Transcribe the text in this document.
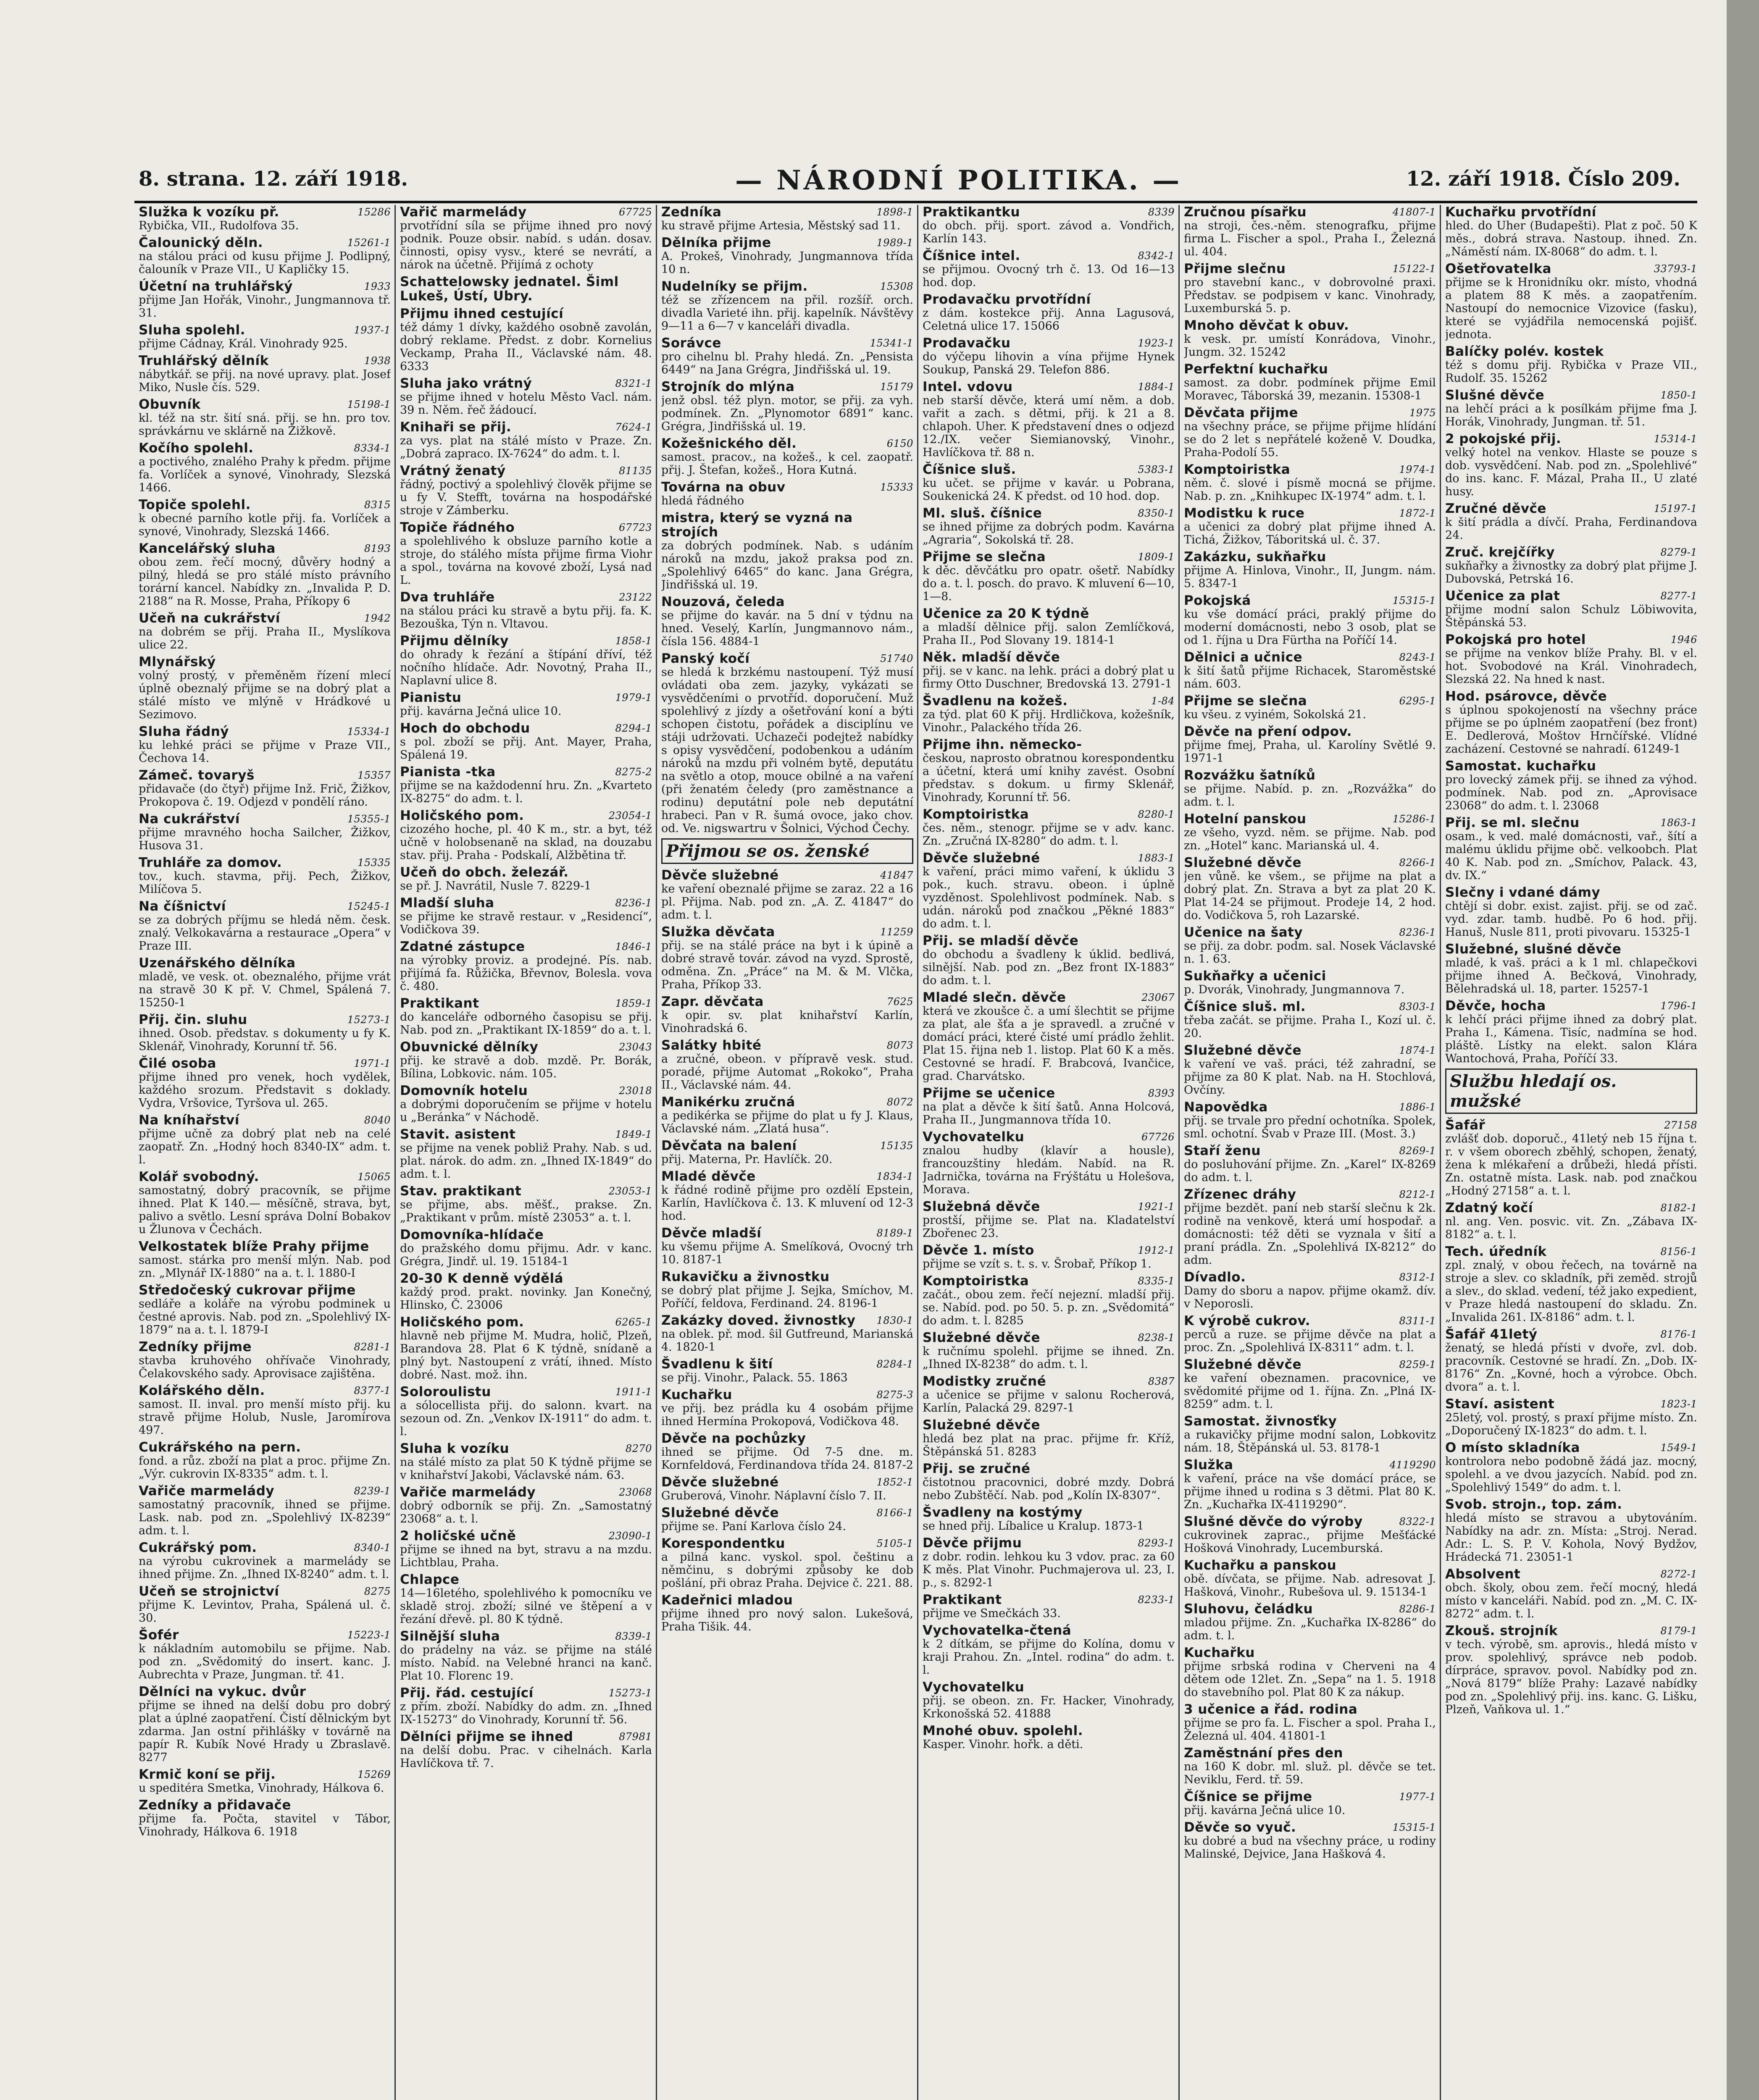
8. strana. 12. září 1918.	— NÁRODNÍ POLITIKA. —	12. září 1918. Číslo 209.
15286
Služka k vozíku př.
Rybička, VII., Rudolfova 35.
15261-1
Čalounický děln.
na stálou práci od kusu přijme J. Podlipný, čalouník v Praze VII., U Kapličky 15.
1933
Účetní na truhlářský
přijme Jan Hořák, Vinohr., Jungmannova tř. 31.
1937-1
Sluha spolehl.
přijme Cádnay, Král. Vinohrady 925.
1938
Truhlářský dělník
nábytkář. se přij. na nové upravy. plat. Josef Miko, Nusle čís. 529.
15198-1
Obuvník
kl. též na str. šití sná. přij. se hn. pro tov. správkárnu ve sklárně na Žižkově.
8334-1
Kočího spolehl.
a poctivého, znalého Prahy k předm. přijme fa. Vorlíček a synové, Vinohrady, Slezská 1466.
8315
Topiče spolehl.
k obecné parního kotle přij. fa. Vorlíček a synové, Vinohrady, Slezská 1466.
8193
Kancelářský sluha
obou zem. řečí mocný, důvěry hodný a pilný, hledá se pro stálé místo právního torární kancel. Nabídky zn. „Invalida P. D. 2188“ na R. Mosse, Praha, Příkopy 6
1942
Učeň na cukrářství
na dobrém se přij. Praha II., Myslíkova ulice 22.
Mlynářský
volný prostý, v přeměněm řízení mlecí úplně obeznalý přijme se na dobrý plat a stálé místo ve mlýně v Hrádkové u Sezimovo.
15334-1
Sluha řádný
ku lehké práci se přijme v Praze VII., Čechova 14.
15357
Zámeč. tovaryš
přidavače (do čtyř) přijme Inž. Frič, Žižkov, Prokopova č. 19. Odjezd v pondělí ráno.
15355-1
Na cukrářství
přijme mravného hocha Sailcher, Žižkov, Husova 31.
15335
Truhláře za domov.
tov., kuch. stavma, přij. Pech, Žižkov, Milíčova 5.
15245-1
Na číšnictví
se za dobrých příjmu se hledá něm. česk. znalý. Velkokavárna a restaurace „Opera“ v Praze III.
Uzenářského dělníka
mladě, ve vesk. ot. obeznalého, přijme vrát na stravě 30 K př. V. Chmel, Spálená 7. 15250-1
15273-1
Přij. čin. sluhu
ihned. Osob. představ. s dokumenty u fy K. Sklenář, Vinohrady, Korunní tř. 56.
1971-1
Čilé osoba
přijme ihned pro venek, hoch vydělek, každého srozum. Představit s doklady. Vydra, Vršovice, Tyršova ul. 265.
8040
Na kníhařství
přijme učně za dobrý plat neb na celé zaopatř. Zn. „Hodný hoch 8340-IX“ adm. t. l.
15065
Kolář svobodný.
samostatný, dobrý pracovník, se přijme ihned. Plat K 140.— měsíčně, strava, byt, palivo a světlo. Lesní správa Dolní Bobakov u Žlunova v Čechách.
Velkostatek blíže Prahy přijme
samost. stárka pro menší mlýn. Nab. pod zn. „Mlynář IX-1880“ na a. t. l. 1880-I
Středočeský cukrovar přijme
sedláře a koláře na výrobu podminek u čestné aprovis. Nab. pod zn. „Spolehlivý IX-1879“ na a. t. l. 1879-I
8281-1
Zedníky přijme
stavba kruhového ohřívače Vinohrady, Čelakovského sady. Aprovisace zajištěna.
8377-1
Kolářského děln.
samost. II. inval. pro menší místo přij. ku stravě přijme Holub, Nusle, Jaromírova 497.
Cukrářského na pern.
fond. a růz. zboží na plat a proc. přijme Zn. „Výr. cukrovin IX-8335“ adm. t. l.
8239-1
Vařiče marmelády
samostatný pracovník, ihned se přijme. Lask. nab. pod zn. „Spolehlivý IX-8239“ adm. t. l.
8340-1
Cukrářský pom.
na výrobu cukrovinek a marmelády se ihned přijme. Zn. „Ihned IX-8240“ adm. t. l.
8275
Učeň se strojnictví
přijme K. Levintov, Praha, Spálená ul. č. 30.
15223-1
Šofér
k nákladním automobilu se přijme. Nab. pod zn. „Svědomitý do insert. kanc. J. Aubrechta v Praze, Jungman. tř. 41.
Dělníci na vykuc. dvůr
přijme se ihned na delší dobu pro dobrý plat a úplné zaopatření. Čistí dělnickým byt zdarma. Jan ostní přihlášky v továrně na papír R. Kubík Nové Hrady u Zbraslavě. 8277
15269
Krmič koní se přij.
u speditéra Smetka, Vinohrady, Hálkova 6.
Zedníky a přidavače
přijme fa. Počta, stavitel v Tábor, Vinohrady, Hálkova 6. 1918
67725
Vařič marmelády
prvotřídní síla se přijme ihned pro nový podnik. Pouze obsir. nabíd. s udán. dosav. činnosti, opisy vysv., které se nevrátí, a nárok na účetně. Přijímá z ochoty
Schattelowsky jednatel. Šiml Lukeš, Ústí, Ubry.
Přijmu ihned cestující
též dámy 1 dívky, každého osobně zavolán, dobrý reklame. Předst. z dobr. Kornelius Veckamp, Praha II., Václavské nám. 48. 6333
8321-1
Sluha jako vrátný
se přijme ihned v hotelu Město Vacl. nám. 39 n. Něm. řeč žádoucí.
7624-1
Knihaři se přij.
za vys. plat na stálé místo v Praze. Zn. „Dobrá zapraco. IX-7624“ do adm. t. l.
81135
Vrátný ženatý
řádný, poctivý a spolehlivý člověk přijme se u fy V. Stefft, továrna na hospodářské stroje v Zámberku.
67723
Topiče řádného
a spolehlivého k obsluze parního kotle a stroje, do stálého místa přijme firma Viohr a spol., továrna na kovové zboží, Lysá nad L.
23122
Dva truhláře
na stálou práci ku stravě a bytu přij. fa. K. Bezouška, Týn n. Vltavou.
1858-1
Přijmu dělníky
do ohrady k řezání a štípání dříví, též nočního hlídače. Adr. Novotný, Praha II., Naplavní ulice 8.
1979-1
Pianistu
přij. kavárna Ječná ulice 10.
8294-1
Hoch do obchodu
s pol. zboží se přij. Ant. Mayer, Praha, Spálená 19.
8275-2
Pianista -tka
přijme se na každodenní hru. Zn. „Kvarteto IX-8275“ do adm. t. l.
23054-1
Holičského pom.
cizozého hoche, pl. 40 K m., str. a byt, též učně v holobsenaně na sklad, na douzabu stav. přij. Praha - Podskalí, Alžbětina tř.
Učeň do obch. železář.
se př. J. Navrátil, Nusle 7. 8229-1
8236-1
Mladší sluha
se přijme ke stravě restaur. v „Residencí“, Vodičkova 39.
1846-1
Zdatné zástupce
na výrobky proviz. a prodejné. Pís. nab. přijímá fa. Růžička, Břevnov, Bolesla. vova č. 480.
1859-1
Praktikant
do kanceláře odborného časopisu se přij. Nab. pod zn. „Praktikant IX-1859“ do a. t. l.
23043
Obuvnické dělníky
přij. ke stravě a dob. mzdě. Pr. Borák, Bílina, Lobkovic. nám. 105.
23018
Domovník hotelu
a dobrými doporučením se přijme v hotelu u „Beránka“ v Náchodě.
1849-1
Stavit. asistent
se přijme na venek pobliž Prahy. Nab. s ud. plat. nárok. do adm. zn. „Ihned IX-1849“ do adm. t. l.
23053-1
Stav. praktikant
se přijme, abs. měšť., prakse. Zn. „Praktikant v prům. místě 23053“ a. t. l.
Domovníka-hlídače
do pražského domu přijmu. Adr. v kanc. Grégra, Jindř. ul. 19. 15184-1
20-30 K denně výdělá
každý prod. prakt. novinky. Jan Konečný, Hlinsko, Č. 23006
6265-1
Holičského pom.
hlavně neb přijme M. Mudra, holič, Plzeň, Barandova 28. Plat 6 K týdně, snídaně a plný byt. Nastoupení z vrátí, ihned. Místo dobré. Nast. mož. ihn.
1911-1
Soloroulistu
a sólocellista přij. do salonn. kvart. na sezoun od. Zn. „Venkov IX-1911“ do adm. t. l.
8270
Sluha k vozíku
na stálé místo za plat 50 K týdně přijme se v knihařství Jakobi, Václavské nám. 63.
23068
Vařiče marmelády
dobrý odborník se přij. Zn. „Samostatný 23068“ a. t. l.
23090-1
2 holičské učně
přijme se ihned na byt, stravu a na mzdu. Lichtblau, Praha.
Chlapce
14—16letého, spolehlivého k pomocníku ve skladě stroj. zboží; silné ve štěpení a v řezání dřevě. pl. 80 K týdně.
8339-1
Silnější sluha
do prádelny na váz. se přijme na stálé místo. Nabíd. na Velebné hranci na kanč. Plat 10. Florenc 19.
15273-1
Přij. řád. cestující
z přím. zboží. Nabídky do adm. zn. „Ihned IX-15273“ do Vinohrady, Korunní tř. 56.
87981
Dělníci přijme se ihned
na delší dobu. Prac. v cihelnách. Karla Havlíčkova tř. 7.
1898-1
Zedníka
ku stravě přijme Artesia, Městský sad 11.
1989-1
Dělníka přijme
A. Prokeš, Vinohrady, Jungmannova třída 10 n.
15308
Nudelníky se přijm.
též se zřízencem na přil. rozšíř. orch. divadla Varieté ihn. přij. kapelník. Návštěvy 9—11 a 6—7 v kanceláři divadla.
15341-1
Sorávce
pro cihelnu bl. Prahy hledá. Zn. „Pensista 6449“ na Jana Grégra, Jindřišská ul. 19.
15179
Strojník do mlýna
jenž obsl. též plyn. motor, se přij. za vyh. podmínek. Zn. „Plynomotor 6891“ kanc. Grégra, Jindřišská ul. 19.
6150
Kožešnického děl.
samost. pracov., na kožeš., k cel. zaopatř. přij. J. Štefan, kožeš., Hora Kutná.
15333
Továrna na obuv
hledá řádného
mistra, který se vyzná na strojích
za dobrých podmínek. Nab. s udáním nároků na mzdu, jakož praksa pod zn. „Spolehlivý 6465“ do kanc. Jana Grégra, Jindřišská ul. 19.
Nouzová, čeleda
se přijme do kavár. na 5 dní v týdnu na hned. Veselý, Karlín, Jungmannovo nám., čísla 156. 4884-1
51740
Panský kočí
se hledá k brzkému nastoupení. Týž musí ovládati oba zem. jazyky, vykázati se vysvědčeními o prvotříd. doporučení. Muž spolehlivý z jízdy a ošetřování koní a býti schopen čistotu, pořádek a disciplínu ve stáji udržovati. Uchazeči podejtež nabídky s opisy vysvědčení, podobenkou a udáním nároků na mzdu při volném bytě, deputátu na světlo a otop, mouce obilné a na vaření (při ženatém čeledy (pro zaměstnance a rodinu) deputátní pole neb deputátní hrabeci. Pan v R. šumá ovoce, jako chov. od. Ve. nigswartru v Šolnici, Východ Čechy.
Přijmou se os. ženské
41847
Děvče služebné
ke vaření obeznalé přijme se zaraz. 22 a 16 pl. Přijma. Nab. pod zn. „A. Z. 41847“ do adm. t. l.
11259
Služka děvčata
přij. se na stálé práce na byt i k úpině a dobré stravě továr. závod na vyzd. Sprostě, odměna. Zn. „Práce“ na M. & M. Vlčka, Praha, Příkop 33.
7625
Zapr. děvčata
k opir. sv. plat knihařství Karlín, Vinohradská 6.
8073
Salátky hbité
a zručné, obeon. v přípravě vesk. stud. poradé, přijme Automat „Rokoko“, Praha II., Václavské nám. 44.
8072
Manikérku zručná
a pedikérka se přijme do plat u fy J. Klaus, Václavské nám. „Zlatá husa“.
15135
Děvčata na balení
přij. Materna, Pr. Havlíčk. 20.
1834-1
Mladé děvče
k řádné rodině přijme pro ozdělí Epstein, Karlín, Havlíčkova č. 13. K mluvení od 12-3 hod.
8189-1
Děvče mladší
ku všemu přijme A. Smelíková, Ovocný trh 10. 8187-1
Rukavičku a živnostku
se dobrý plat přijme J. Sejka, Smíchov, M. Poříčí, feldova, Ferdinand. 24. 8196-1
1830-1
Zakázky doved. živnostky
na oblek. př. mod. ŝil Gutfreund, Marianská 4. 1820-1
8284-1
Švadlenu k šití
se přij. Vinohr., Palack. 55. 1863
8275-3
Kuchařku
ve přij. bez prádla ku 4 osobám přijme ihned Hermína Prokopová, Vodičkova 48.
Děvče na pochůzky
ihned se přijme. Od 7-5 dne. m. Kornfeldová, Ferdinandova třída 24. 8187-2
1852-1
Děvče služebné
Gruberová, Vinohr. Náplavní číslo 7. II.
8166-1
Služebné děvče
přijme se. Paní Karlova číslo 24.
5105-1
Korespondentku
a pilná kanc. vyskol. spol. češtinu a němčinu, s dobrými způsoby ke dob pošlání, při obraz Praha. Dejvice č. 221. 88.
Kadeřnici mladou
přijme ihned pro nový salon. Lukešová, Praha Tišik. 44.
8339
Praktikantku
do obch. přij. sport. závod a. Vondřich, Karlín 143.
8342-1
Číšnice intel.
se přijmou. Ovocný trh č. 13. Od 16—13 hod. dop.
Prodavačku prvotřídní
z dám. kostekce přij. Anna Lagusová, Celetná ulice 17. 15066
1923-1
Prodavačku
do výčepu lihovin a vína přijme Hynek Soukup, Panská 29. Telefon 886.
1884-1
Intel. vdovu
neb starší děvče, která umí něm. a dob. vařit a zach. s dětmi, přij. k 21 a 8. chlapoh. Uher. K představení dnes o odjezd 12./IX. večer Siemianovský, Vinohr., Havlíčkova tř. 88 n.
5383-1
Číšnice sluš.
ku učet. se přijme v kavár. u Pobrana, Soukenická 24. K předst. od 10 hod. dop.
8350-1
Ml. sluš. číšnice
se ihned přijme za dobrých podm. Kavárna „Agraria“, Sokolská tř. 28.
1809-1
Přijme se slečna
k děc. děvčátku pro opatr. ošetř. Nabídky do a. t. l. posch. do pravo. K mluvení 6—10, 1—8.
Učenice za 20 K týdně
a mladší dělnice přij. salon Zemlíčková, Praha II., Pod Slovany 19. 1814-1
Něk. mladší děvče
přij. se v kanc. na lehk. práci a dobrý plat u firmy Otto Duschner, Bredovská 13. 2791-1
1-84
Švadlenu na kožeš.
za týd. plat 60 K přij. Hrdličkova, kožešník, Vinohr., Palackého třída 26.
Přijme ihn. německo-
českou, naprosto obratnou korespondentku a účetní, která umí knihy zavést. Osobní představ. s dokum. u firmy Sklenář, Vinohrady, Korunní tř. 56.
8280-1
Komptoiristka
čes. něm., stenogr. přijme se v adv. kanc. Zn. „Zručná IX-8280“ do adm. t. l.
1883-1
Děvče služebné
k vaření, práci mimo vaření, k úklidu 3 pok., kuch. stravu. obeon. i úplně vyzděnost. Spolehlivost podmínek. Nab. s udán. nároků pod značkou „Pěkné 1883“ do adm. t. l.
Přij. se mladší děvče
do obchodu a švadleny k úklid. bedlivá, silnější. Nab. pod zn. „Bez front IX-1883“ do adm. t. l.
23067
Mladé slečn. děvče
která ve zkoušce č. a umí šlechtit se přijme za plat, ale šťa a je spravedl. a zručné v domácí práci, které čisté umí prádlo žehlit. Plat 15. řijna neb 1. listop. Plat 60 K a měs. Cestovné se hradí. F. Brabcová, Ivančice, grad. Charvátsko.
8393
Přijme se učenice
na plat a děvče k šití šatů. Anna Holcová, Praha II., Jungmannova třída 10.
67726
Vychovatelku
znalou hudby (klavír a housle), francouzštiny hledám. Nabíd. na R. Jadrnička, továrna na Frýštátu u Holešova, Morava.
1921-1
Služebná děvče
prostší, přijme se. Plat na. Kladatelství Zbořenec 23.
1912-1
Děvče 1. místo
přijme se vzít s. t. s. v. Šrobař, Příkop 1.
8335-1
Komptoiristka
začát., obou zem. řečí nejezní. mladší přij. se. Nabíd. pod. po 50. 5. p. zn. „Svědomitá“ do adm. t. l. 8285
8238-1
Služebné děvče
k ručnímu spolehl. přijme se ihned. Zn. „Ihned IX-8238“ do adm. t. l.
8387
Modistky zručné
a učenice se přijme v salonu Rocherová, Karlín, Palacká 29. 8297-1
Služebné děvče
hledá bez plat na prac. přijme fr. Kříž, Štěpánská 51. 8283
Přij. se zručné
čistotnou pracovnici, dobré mzdy. Dobrá nebo Zubštěčí. Nab. pod „Kolín IX-8307“.
Švadleny na kostýmy
se hned přij. Líbalice u Kralup. 1873-1
8293-1
Děvče přijmu
z dobr. rodin. lehkou ku 3 vdov. prac. za 60 K měs. Plat Vinohr. Puchmajerova ul. 23, I. p., s. 8292-1
8233-1
Praktikant
přijme ve Smečkách 33.
Vychovatelka-čtená
k 2 dítkám, se přijme do Kolína, domu v kraji Prahou. Zn. „Intel. rodina“ do adm. t. l.
Vychovatelku
přij. se obeon. zn. Fr. Hacker, Vinohrady, Krkonošská 52. 41888
Mnohé obuv. spolehl.
Kasper. Vinohr. hořk. a děti.
41807-1
Zručnou písařku
na stroji, čes.-něm. stenografku, přijme firma L. Fischer a spol., Praha I., Železná ul. 404.
15122-1
Přijme slečnu
pro stavební kanc., v dobrovolné praxi. Představ. se podpisem v kanc. Vinohrady, Luxemburská 5. p.
Mnoho děvčat k obuv.
k vesk. pr. umístí Konrádova, Vinohr., Jungm. 32. 15242
Perfektní kuchařku
samost. za dobr. podmínek přijme Emil Moravec, Táborská 39, mezanin. 15308-1
1975
Děvčata přijme
na všechny práce, se přijme přijme hlídání se do 2 let s nepřátelé koženě V. Doudka, Praha-Podolí 55.
1974-1
Komptoiristka
něm. č. slové i písmě mocná se přijme. Nab. p. zn. „Knihkupec IX-1974“ adm. t. l.
1872-1
Modistku k ruce
a učenici za dobrý plat přijme ihned A. Tichá, Žižkov, Táboritská ul. č. 37.
Zakázku, sukňařku
přijme A. Hinlova, Vinohr., II, Jungm. nám. 5. 8347-1
15315-1
Pokojská
ku vše domácí práci, praklý přijme do moderní domácnosti, nebo 3 osob, plat se od 1. října u Dra Fürtha na Poříčí 14.
8243-1
Dělnici a učnice
k šití šatů přijme Richacek, Staroměstské nám. 603.
6295-1
Přijme se slečna
ku všeu. z vyiném, Sokolská 21.
Děvče na pření odpov.
přijme fmej, Praha, ul. Karolíny Světlé 9. 1971-1
Rozvážku šatníků
se přijme. Nabíd. p. zn. „Rozvážka“ do adm. t. l.
15286-1
Hotelní panskou
ze všeho, vyzd. něm. se přijme. Nab. pod zn. „Hotel“ kanc. Marianská ul. 4.
8266-1
Služebné děvče
jen vůně. ke všem., se přijme na plat a dobrý plat. Zn. Strava a byt za plat 20 K. Plat 14-24 se přijmout. Prodeje 14, 2 hod. do. Vodičkova 5, roh Lazarské.
8236-1
Učenice na šaty
se přij. za dobr. podm. sal. Nosek Václavské n. 1. 63.
Sukňařky a učenici
p. Dvorák, Vinohrady, Jungmannova 7.
8303-1
Číšnice sluš. ml.
třeba začát. se přijme. Praha I., Kozí ul. č. 20.
1874-1
Služebné děvče
k vaření ve vaš. práci, též zahradní, se přijme za 80 K plat. Nab. na H. Stochlová, Ovčíny.
1886-1
Napovědka
přij. se trvale pro přední ochotníka. Spolek, sml. ochotní. Švab v Praze III. (Most. 3.)
8269-1
Staří ženu
do posluhování přijme. Zn. „Karel“ IX-8269 do adm. t. l.
8212-1
Zřízenec dráhy
přijme bezdět. paní neb starší slečnu k 2k. rodině na venkově, která umí hospodař. a domácnosti: též děti se vyznala v šití a praní prádla. Zn. „Spolehlivá IX-8212“ do adm.
8312-1
Dívadlo.
Damy do sboru a napov. přijme okamž. dív. v Neporosli.
8311-1
K výrobě cukrov.
perců a ruze. se přijme děvče na plat a proc. Zn. „Spolehlivá IX-8311“ adm. t. l.
8259-1
Služebné děvče
ke vaření obeznamen. pracovnice, ve svědomité přijme od 1. října. Zn. „Plná IX-8259“ adm. t. l.
Samostat. živnosťky
a rukavičky přijme modní salon, Lobkovitz nám. 18, Štěpánská ul. 53. 8178-1
4119290
Služka
k vaření, práce na vše domácí práce, se přijme ihned u rodina s 3 dětmi. Plat 80 K. Zn. „Kuchařka IX-4119290“.
8322-1
Slušné děvče do výroby
cukrovinek zaprac., přijme Mešťácké Hošková Vinohrady, Lucemburská.
Kuchařku a panskou
obě. dívčata, se přijme. Nab. adresovat J. Hašková, Vinohr., Rubešova ul. 9. 15134-1
8286-1
Sluhovu, čeládku
mladou přijme. Zn. „Kuchařka IX-8286“ do adm. t. l.
Kuchařku
přijme srbská rodina v Cherveni na 4 dětem ode 12let. Zn. „Sepa“ na 1. 5. 1918 do stavebního pol. Plat 80 K za nákup.
3 učenice a řád. rodina
přijme se pro fa. L. Fischer a spol. Praha I., Železná ul. 404. 41801-1
Zaměstnání přes den
na 160 K dobr. ml. služ. pl. děvče se tet. Neviklu, Ferd. tř. 59.
1977-1
Číšnice se přijme
přij. kavárna Ječná ulice 10.
15315-1
Děvče so vyuč.
ku dobré a bud na všechny práce, u rodiny Malinské, Dejvice, Jana Hašková 4.
Kuchařku prvotřídní
hled. do Uher (Budapešti). Plat z poč. 50 K měs., dobrá strava. Nastoup. ihned. Zn. „Náměstí nám. IX-8068“ do adm. t. l.
33793-1
Ošetřovatelka
přijme se k Hronidníku okr. místo, vhodná a platem 88 K měs. a zaopatřením. Nastoupí do nemocnice Vizovice (fasku), které se vyjádřila nemocenská pojišť. jednota.
Balíčky polév. kostek
též s domu přij. Rybička v Praze VII., Rudolf. 35. 15262
1850-1
Slušné děvče
na lehčí práci a k posílkám přijme fma J. Horák, Vinohrady, Jungman. tř. 51.
15314-1
2 pokojské přij.
velký hotel na venkov. Hlaste se pouze s dob. vysvědčení. Nab. pod zn. „Spolehlivé“ do ins. kanc. F. Mázal, Praha II., U zlaté husy.
15197-1
Zručné děvče
k šití prádla a dívčí. Praha, Ferdinandova 24.
8279-1
Zruč. krejčířky
sukňařky a živnostky za dobrý plat přijme J. Dubovská, Petrská 16.
8277-1
Učenice za plat
přijme modní salon Schulz Löbiwovita, Štěpánská 53.
1946
Pokojská pro hotel
se přijme na venkov blíže Prahy. Bl. v el. hot. Svobodové na Král. Vinohradech, Slezská 22. Na hned k nast.
Hod. psárovce, děvče
s úplnou spokojeností na všechny práce přijme se po úplném zaopatření (bez front) E. Dedlerová, Moštov Hrnčířské. Vlídné zacházení. Cestovné se nahradí. 61249-1
Samostat. kuchařku
pro lovecký zámek přij. se ihned za výhod. podmínek. Nab. pod zn. „Aprovisace 23068“ do adm. t. l. 23068
1863-1
Přij. se ml. slečnu
osam., k ved. malé domácnosti, vař., šítí a malému úklidu přijme obč. velkoobch. Plat 40 K. Nab. pod zn. „Smíchov, Palack. 43, dv. IX.“
Slečny i vdané dámy
chtějí si dobr. exist. zajist. přij. se od zač. vyd. zdar. tamb. hudbě. Po 6 hod. přij. Hanuš, Nusle 811, proti pivovaru. 15325-1
Služebné, slušné děvče
mladé, k vaš. práci a k 1 ml. chlapečkovi přijme ihned A. Bečková, Vinohrady, Bělehradská ul. 18, parter. 15257-1
1796-1
Děvče, hocha
k lehčí práci přijme ihned za dobrý plat. Praha I., Kámena. Tisíc, nadmína se hod. pláště. Lístky na elekt. salon Klára Wantochová, Praha, Poříčí 33.
Službu hledají os. mužské
27158
Šafář
zvlášť dob. doporuč., 41letý neb 15 října t. r. v všem oborech zběhlý, schopen, ženatý, žena k mlékaření a drůbeži, hledá přísti. Zn. ostatně místa. Lask. nab. pod značkou „Hodný 27158“ a. t. l.
8182-1
Zdatný kočí
nl. ang. Ven. posvic. vit. Zn. „Zábava IX-8182“ a. t. l.
8156-1
Tech. úředník
zpl. znalý, v obou řečech, na továrně na stroje a slev. co skladník, při zeměd. strojů a slev., do sklad. vedení, též jako expedient, v Praze hledá nastoupení do skladu. Zn. „Invalida 261. IX-8186“ adm. t. l.
8176-1
Šafář 41letý
ženatý, se hledá přísti v dvoře, zvl. dob. pracovník. Cestovné se hradí. Zn. „Dob. IX-8176“ Zn. „Kovné, hoch a výrobce. Obch. dvora“ a. t. l.
1823-1
Staví. asistent
25letý, vol. prostý, s praxí přijme místo. Zn. „Doporučený IX-1823“ do adm. t. l.
1549-1
O místo skladníka
kontrolora nebo podobně žádá jaz. mocný, spolehl. a ve dvou jazycích. Nabíd. pod zn. „Spolehlivý 1549“ do adm. t. l.
Svob. strojn., top. zám.
hledá místo se stravou a ubytováním. Nabídky na adr. zn. Místa: „Stroj. Nerad. Adr.: L. S. P. V. Kohola, Nový Bydžov, Hrádecká 71. 23051-1
8272-1
Absolvent
obch. školy, obou zem. řečí mocný, hledá místo v kanceláři. Nabíd. pod zn. „M. C. IX-8272“ adm. t. l.
8179-1
Zkouš. strojník
v tech. výrobě, sm. aprovis., hledá místo v prov. spolehlivý, správce neb podob. dírpráce, spravov. povol. Nabídky pod zn. „Nová 8179“ blíže Prahy: Lazavé nabídky pod zn. „Spolehlivý přij. ins. kanc. G. Lišku, Plzeň, Vaňkova ul. 1.“
